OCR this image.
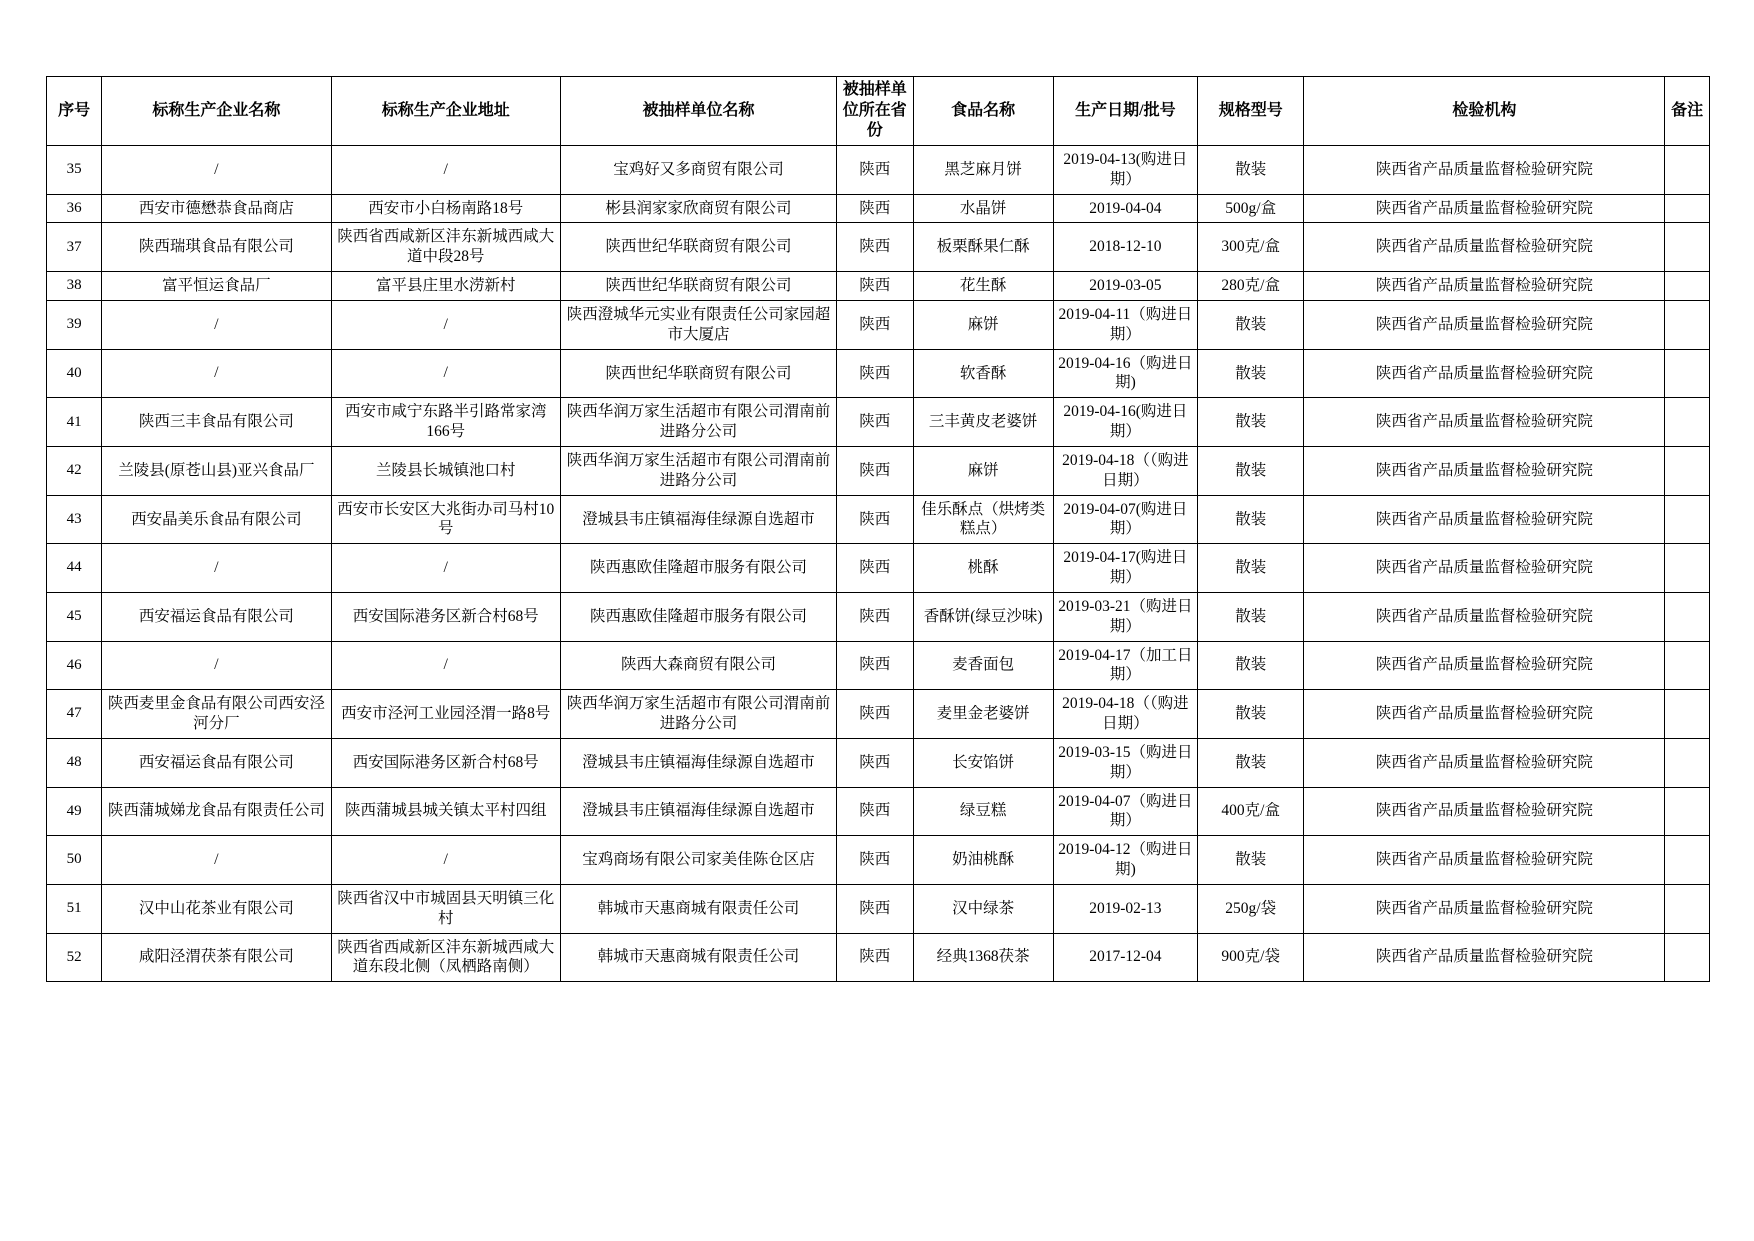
序号	标称生产企业名称	标称生产企业地址	被抽样单位名称	被抽样单位所在省份	食品名称	生产日期/批号	规格型号	检验机构	备注
35	/	/	宝鸡好又多商贸有限公司	陕西	黑芝麻月饼	2019-04-13(购进日期）	散装	陕西省产品质量监督检验研究院	
36	西安市德懋恭食品商店	西安市小白杨南路18号	彬县润家家欣商贸有限公司	陕西	水晶饼	2019-04-04	500g/盒	陕西省产品质量监督检验研究院	
37	陕西瑞琪食品有限公司	陕西省西咸新区沣东新城西咸大道中段28号	陕西世纪华联商贸有限公司	陕西	板栗酥果仁酥	2018-12-10	300克/盒	陕西省产品质量监督检验研究院	
38	富平恒运食品厂	富平县庄里水涝新村	陕西世纪华联商贸有限公司	陕西	花生酥	2019-03-05	280克/盒	陕西省产品质量监督检验研究院	
39	/	/	陕西澄城华元实业有限责任公司家园超市大厦店	陕西	麻饼	2019-04-11（购进日期）	散装	陕西省产品质量监督检验研究院	
40	/	/	陕西世纪华联商贸有限公司	陕西	软香酥	2019-04-16（购进日期)	散装	陕西省产品质量监督检验研究院	
41	陕西三丰食品有限公司	西安市咸宁东路半引路常家湾166号	陕西华润万家生活超市有限公司渭南前进路分公司	陕西	三丰黄皮老婆饼	2019-04-16(购进日期）	散装	陕西省产品质量监督检验研究院	
42	兰陵县(原苍山县)亚兴食品厂	兰陵县长城镇池口村	陕西华润万家生活超市有限公司渭南前进路分公司	陕西	麻饼	2019-04-18（（购进日期）	散装	陕西省产品质量监督检验研究院	
43	西安晶美乐食品有限公司	西安市长安区大兆街办司马村10号	澄城县韦庄镇福海佳绿源自选超市	陕西	佳乐酥点（烘烤类糕点）	2019-04-07(购进日期）	散装	陕西省产品质量监督检验研究院	
44	/	/	陕西惠欧佳隆超市服务有限公司	陕西	桃酥	2019-04-17(购进日期）	散装	陕西省产品质量监督检验研究院	
45	西安福运食品有限公司	西安国际港务区新合村68号	陕西惠欧佳隆超市服务有限公司	陕西	香酥饼(绿豆沙味)	2019-03-21（购进日期）	散装	陕西省产品质量监督检验研究院	
46	/	/	陕西大森商贸有限公司	陕西	麦香面包	2019-04-17（加工日期）	散装	陕西省产品质量监督检验研究院	
47	陕西麦里金食品有限公司西安泾河分厂	西安市泾河工业园泾渭一路8号	陕西华润万家生活超市有限公司渭南前进路分公司	陕西	麦里金老婆饼	2019-04-18（（购进日期）	散装	陕西省产品质量监督检验研究院	
48	西安福运食品有限公司	西安国际港务区新合村68号	澄城县韦庄镇福海佳绿源自选超市	陕西	长安馅饼	2019-03-15（购进日期）	散装	陕西省产品质量监督检验研究院	
49	陕西蒲城娣龙食品有限责任公司	陕西蒲城县城关镇太平村四组	澄城县韦庄镇福海佳绿源自选超市	陕西	绿豆糕	2019-04-07（购进日期）	400克/盒	陕西省产品质量监督检验研究院	
50	/	/	宝鸡商场有限公司家美佳陈仓区店	陕西	奶油桃酥	2019-04-12（购进日期)	散装	陕西省产品质量监督检验研究院	
51	汉中山花茶业有限公司	陕西省汉中市城固县天明镇三化村	韩城市天惠商城有限责任公司	陕西	汉中绿茶	2019-02-13	250g/袋	陕西省产品质量监督检验研究院	
52	咸阳泾渭茯茶有限公司	陕西省西咸新区沣东新城西咸大道东段北侧（凤栖路南侧）	韩城市天惠商城有限责任公司	陕西	经典1368茯茶	2017-12-04	900克/袋	陕西省产品质量监督检验研究院	
